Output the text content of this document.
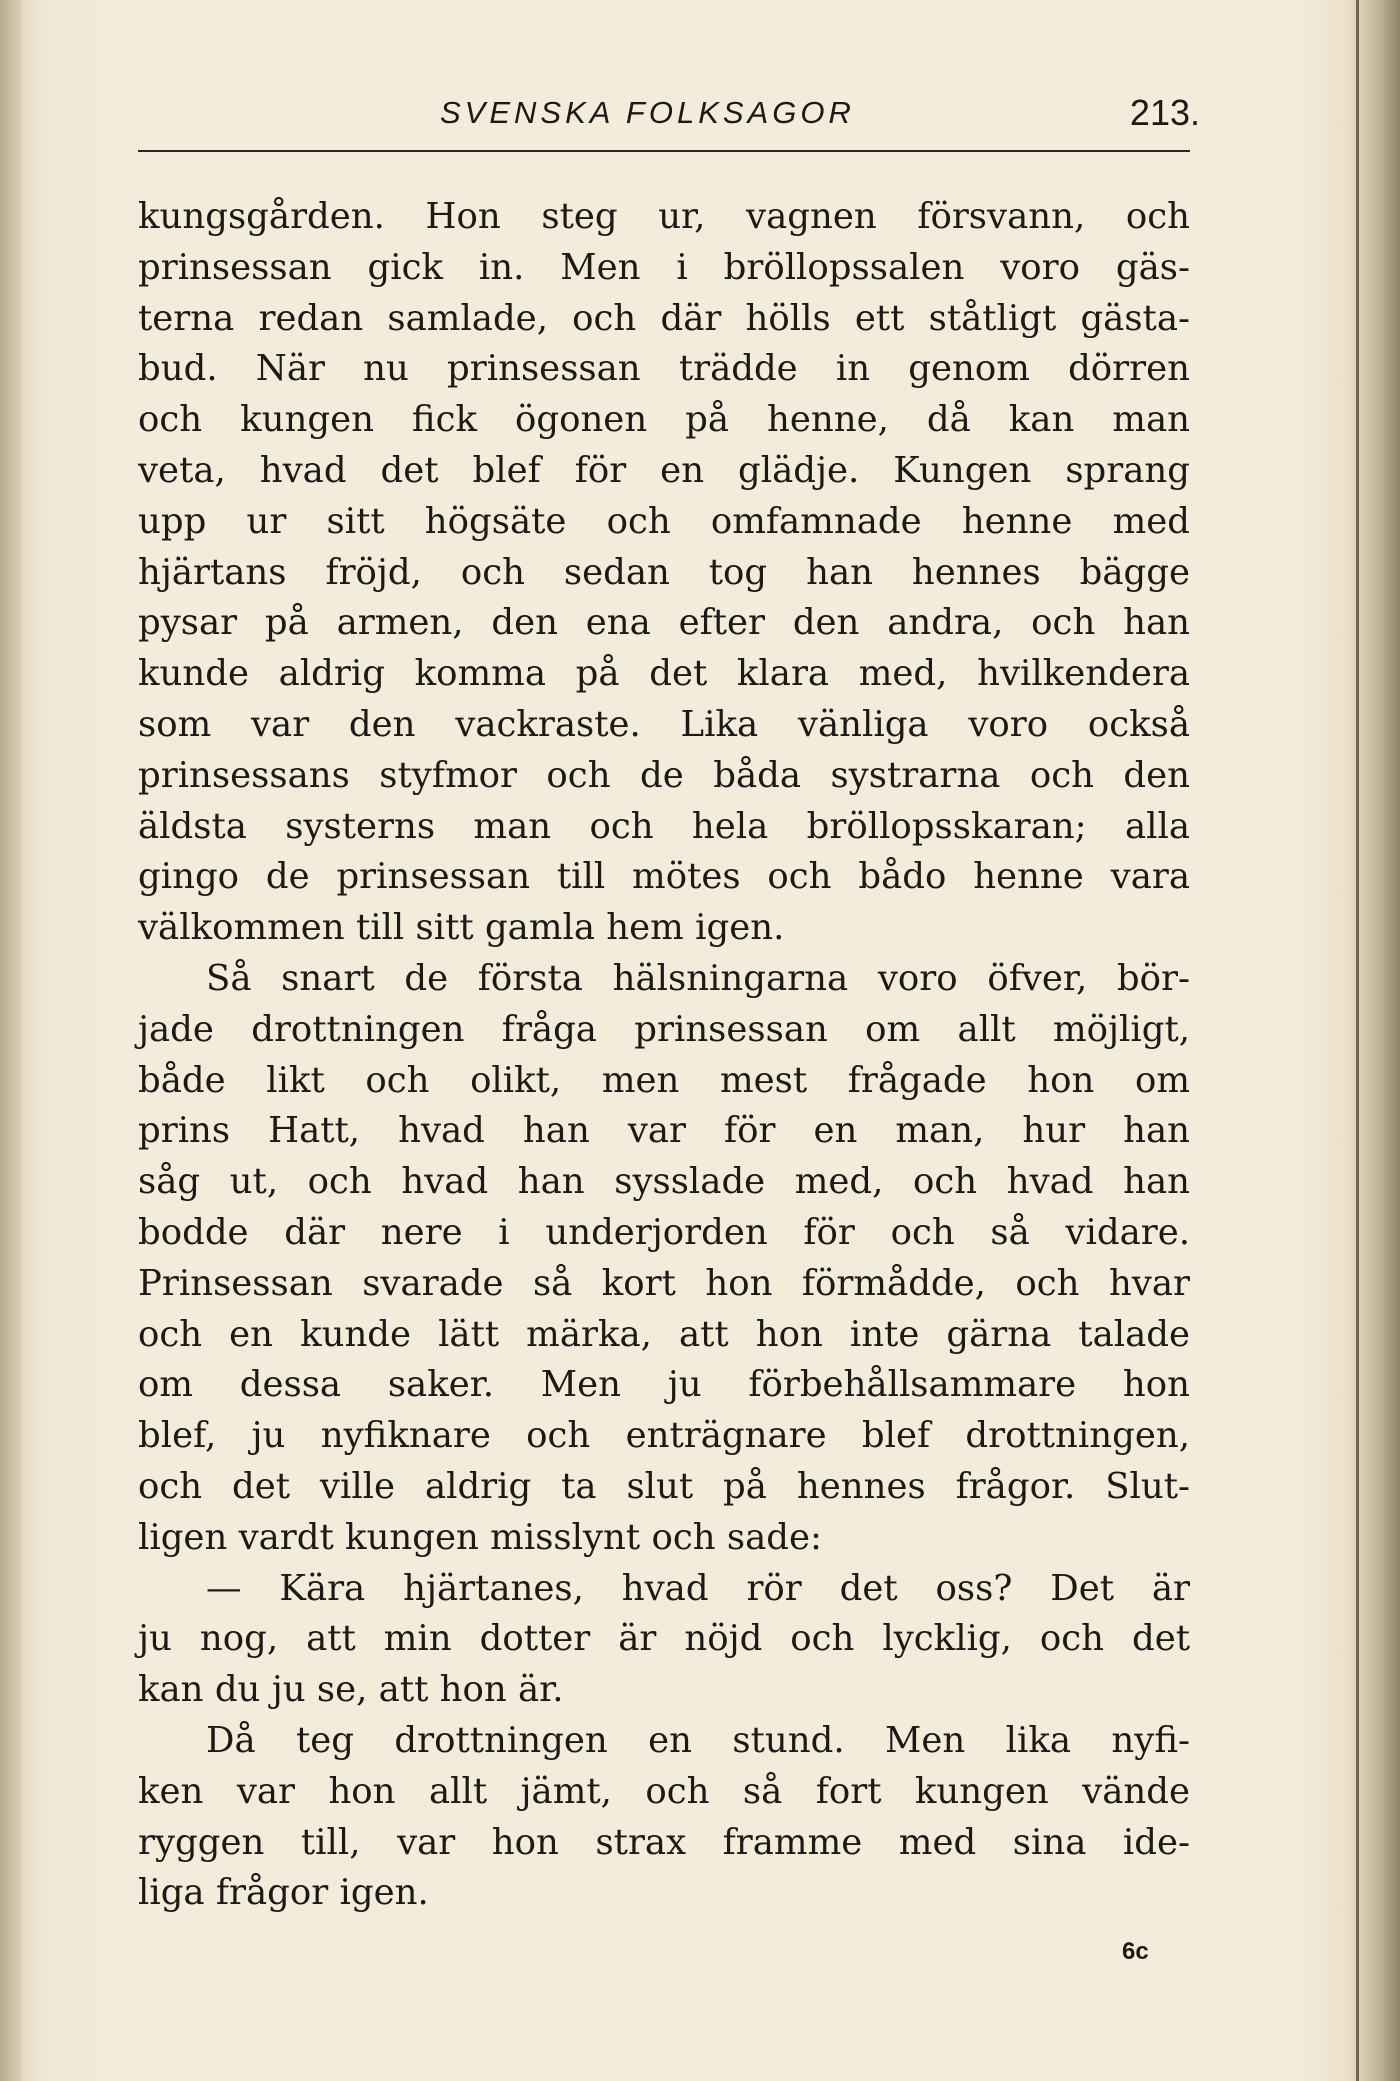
SVENSKA FOLKSAGOR	213.
kungsgården. Hon steg ur, vagnen försvann, och
prinsessan gick in. Men i bröllopssalen voro gäs-
terna redan samlade, och där hölls ett ståtligt gästa-
bud. När nu prinsessan trädde in genom dörren
och kungen fick ögonen på henne, då kan man
veta, hvad det blef för en glädje. Kungen sprang
upp ur sitt högsäte och omfamnade henne med
hjärtans fröjd, och sedan tog han hennes bägge
pysar på armen, den ena efter den andra, och han
kunde aldrig komma på det klara med, hvilkendera
som var den vackraste. Lika vänliga voro också
prinsessans styfmor och de båda systrarna och den
äldsta systerns man och hela bröllopsskaran; alla
gingo de prinsessan till mötes och bådo henne vara
välkommen till sitt gamla hem igen.
Så snart de första hälsningarna voro öfver, bör-
jade drottningen fråga prinsessan om allt möjligt,
både likt och olikt, men mest frågade hon om
prins Hatt, hvad han var för en man, hur han
såg ut, och hvad han sysslade med, och hvad han
bodde där nere i underjorden för och så vidare.
Prinsessan svarade så kort hon förmådde, och hvar
och en kunde lätt märka, att hon inte gärna talade
om dessa saker. Men ju förbehållsammare hon
blef, ju nyfiknare och enträgnare blef drottningen,
och det ville aldrig ta slut på hennes frågor. Slut-
ligen vardt kungen misslynt och sade:
— Kära hjärtanes, hvad rör det oss? Det är
ju nog, att min dotter är nöjd och lycklig, och det
kan du ju se, att hon är.
Då teg drottningen en stund. Men lika nyfi-
ken var hon allt jämt, och så fort kungen vände
ryggen till, var hon strax framme med sina ide-
liga frågor igen.
6c
